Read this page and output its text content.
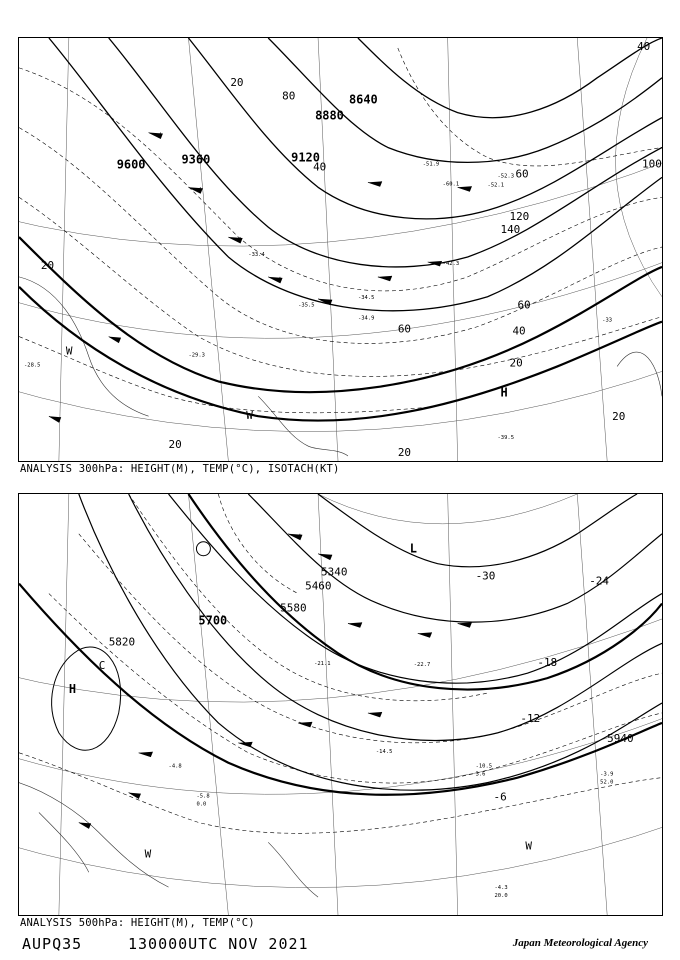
9600	9360
8640
8880
9120
20
40
60
80
100
120
140
20
20
20
20
20
40
60
40
60
H
W
W
-39.5
-33
-29.3
-28.5
-51.9
-52.1
-60.1
-52.3
-34.5
-42.3
-33.4
-34.9
-35.5
ANALYSIS 300hPa: HEIGHT(M), TEMP(°C), ISOTACH(KT)
5700
5820
5940
5340
5460
5580
-6
-12
-18
-24
-30
H
L
C
W
W
-4.3
20.0
-3.9
52.0
-10.5
3.6
-14.5
-22.7
-21.1
-5.8
0.0
-4.8
ANALYSIS 500hPa: HEIGHT(M), TEMP(°C)
AUPQ35	130000UTC NOV 2021	Japan Meteorological Agency
